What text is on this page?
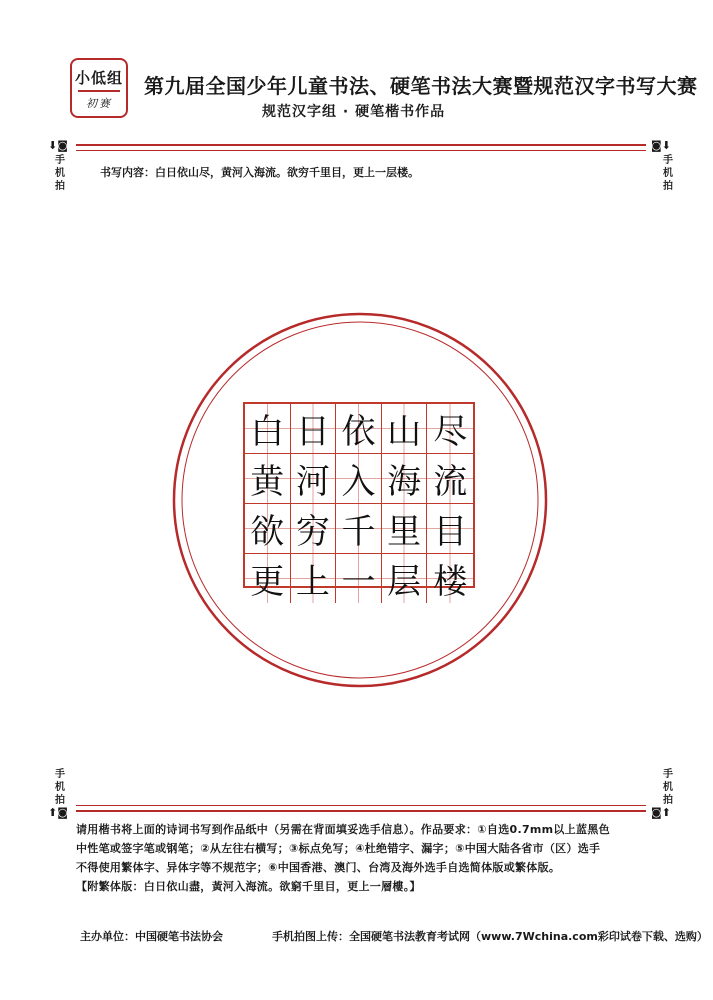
小低组
初赛
第九届全国少年儿童书法、硬笔书法大赛暨规范汉字书写大赛
规范汉字组 · 硬笔楷书作品
⬇◙
手机拍
◙⬇
手机拍
书写内容：白日依山尽，黄河入海流。欲穷千里目，更上一层楼。
白 日 依 山 尽
黄 河 入 海 流
欲 穷 千 里 目
更 上 一 层 楼
手机拍
⬆◙
手机拍
◙⬆
请用楷书将上面的诗词书写到作品纸中（另需在背面填妥选手信息）。作品要求：①自选0.7mm以上蓝黑色
中性笔或签字笔或钢笔；②从左往右横写；③标点免写；④杜绝错字、漏字；⑤中国大陆各省市（区）选手
不得使用繁体字、异体字等不规范字；⑥中国香港、澳门、台湾及海外选手自选简体版或繁体版。
【附繁体版：白日依山盡，黃河入海流。欲窮千里目，更上一層樓。】
主办单位：中国硬笔书法协会	手机拍图上传：全国硬笔书法教育考试网（www.7Wchina.com彩印试卷下载、选购）
